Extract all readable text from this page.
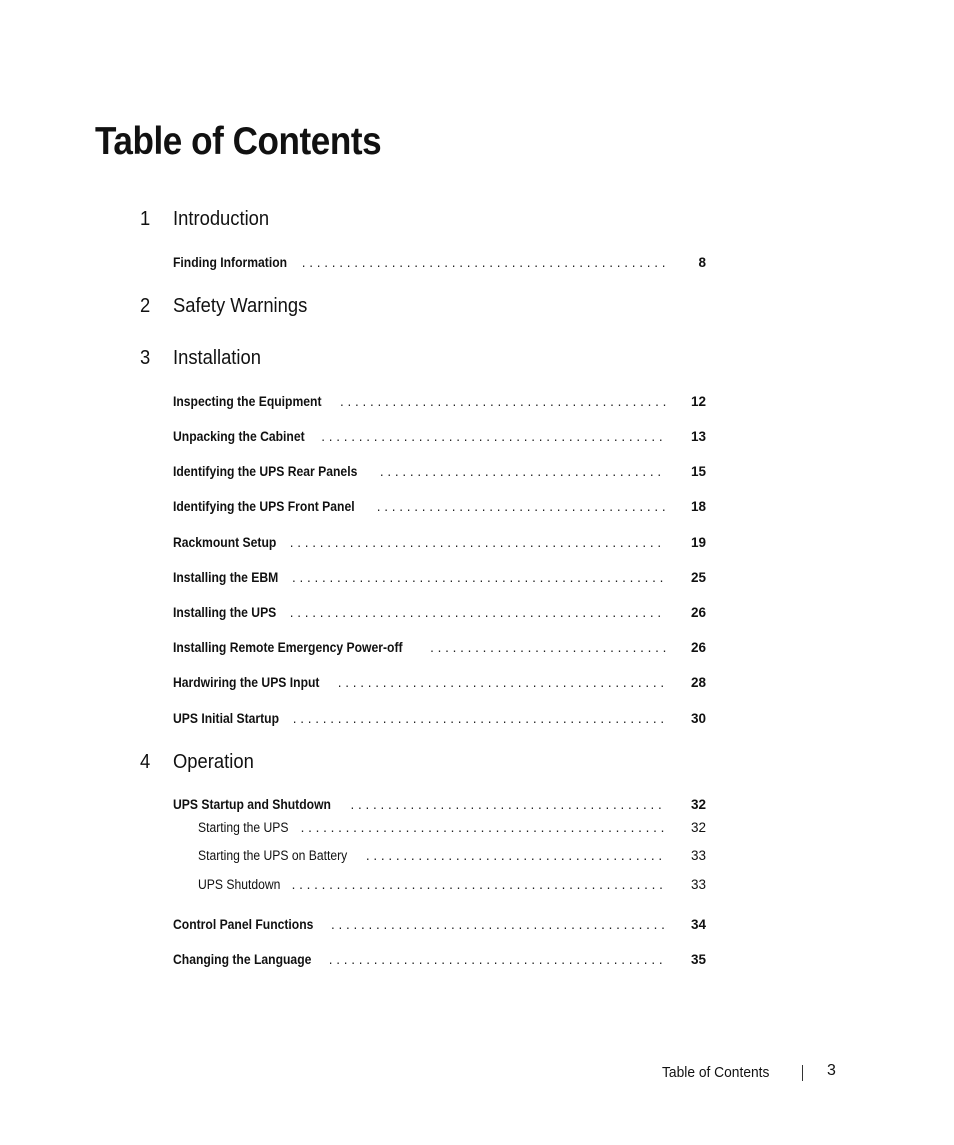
Table of Contents
1 Introduction
Finding Information . . .	8
2 Safety Warnings
3 Installation
Inspecting the Equipment . . .	12
Unpacking the Cabinet . . .	13
Identifying the UPS Rear Panels . . .	15
Identifying the UPS Front Panel . . .	18
Rackmount Setup . . .	19
Installing the EBM . . .	25
Installing the UPS . . .	26
Installing Remote Emergency Power-off . . .	26
Hardwiring the UPS Input . . .	28
UPS Initial Startup . . .	30
4 Operation
UPS Startup and Shutdown . . .	32
Starting the UPS . . .	32
Starting the UPS on Battery . . .	33
UPS Shutdown . . .	33
Control Panel Functions . . .	34
Changing the Language . . .	35
Table of Contents	3
